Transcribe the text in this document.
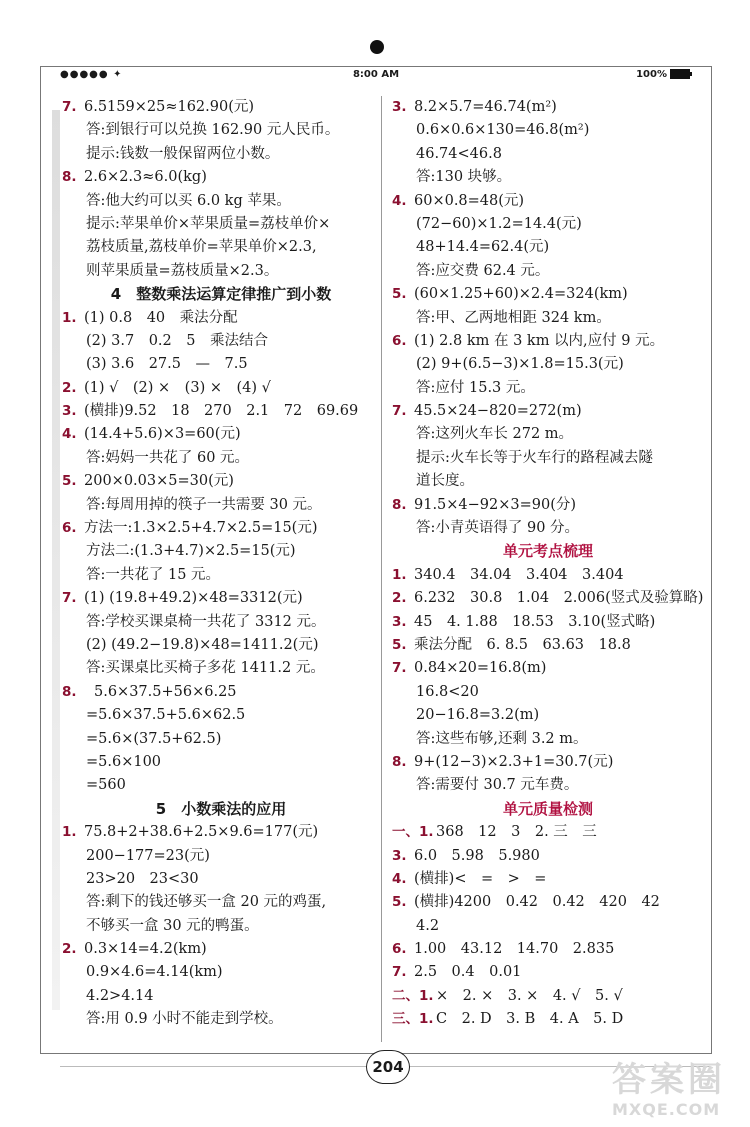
●●●●● ✦	8:00 AM	100%
7. 6.5159×25≈162.90(元)
答:到银行可以兑换 162.90 元人民币。
提示:钱数一般保留两位小数。
8. 2.6×2.3≈6.0(kg)
答:他大约可以买 6.0 kg 苹果。
提示:苹果单价×苹果质量=荔枝单价×
荔枝质量,荔枝单价=苹果单价×2.3,
则苹果质量=荔枝质量×2.3。
4　整数乘法运算定律推广到小数
1. (1) 0.8　40　乘法分配
(2) 3.7　0.2　5　乘法结合
(3) 3.6　27.5　—　7.5
2. (1) √　(2) ×　(3) ×　(4) √
3. (横排)9.52　18　270　2.1　72　69.69
4. (14.4+5.6)×3=60(元)
答:妈妈一共花了 60 元。
5. 200×0.03×5=30(元)
答:每周用掉的筷子一共需要 30 元。
6. 方法一:1.3×2.5+4.7×2.5=15(元)
方法二:(1.3+4.7)×2.5=15(元)
答:一共花了 15 元。
7. (1) (19.8+49.2)×48=3312(元)
答:学校买课桌椅一共花了 3312 元。
(2) (49.2−19.8)×48=1411.2(元)
答:买课桌比买椅子多花 1411.2 元。
8. 5.6×37.5+56×6.25
=5.6×37.5+5.6×62.5
=5.6×(37.5+62.5)
=5.6×100
=560
5　小数乘法的应用
1. 75.8+2+38.6+2.5×9.6=177(元)
200−177=23(元)
23>20　23<30
答:剩下的钱还够买一盒 20 元的鸡蛋,
不够买一盒 30 元的鸭蛋。
2. 0.3×14=4.2(km)
0.9×4.6=4.14(km)
4.2>4.14
答:用 0.9 小时不能走到学校。
3. 8.2×5.7=46.74(m²)
0.6×0.6×130=46.8(m²)
46.74<46.8
答:130 块够。
4. 60×0.8=48(元)
(72−60)×1.2=14.4(元)
48+14.4=62.4(元)
答:应交费 62.4 元。
5. (60×1.25+60)×2.4=324(km)
答:甲、乙两地相距 324 km。
6. (1) 2.8 km 在 3 km 以内,应付 9 元。
(2) 9+(6.5−3)×1.8=15.3(元)
答:应付 15.3 元。
7. 45.5×24−820=272(m)
答:这列火车长 272 m。
提示:火车长等于火车行的路程减去隧
道长度。
8. 91.5×4−92×3=90(分)
答:小青英语得了 90 分。
单元考点梳理
1. 340.4　34.04　3.404　3.404
2. 6.232　30.8　1.04　2.006(竖式及验算略)
3. 45　4. 1.88　18.53　3.10(竖式略)
5. 乘法分配　6. 8.5　63.63　18.8
7. 0.84×20=16.8(m)
16.8<20
20−16.8=3.2(m)
答:这些布够,还剩 3.2 m。
8. 9+(12−3)×2.3+1=30.7(元)
答:需要付 30.7 元车费。
单元质量检测
一、1. 368　12　3　2. 三　三
3. 6.0　5.98　5.980
4. (横排)<　=　>　=
5. (横排)4200　0.42　0.42　420　42
4.2
6. 1.00　43.12　14.70　2.835
7. 2.5　0.4　0.01
二、1. ×　2. ×　3. ×　4. √　5. √
三、1. C　2. D　3. B　4. A　5. D
204	答案圈
MXQE.COM
